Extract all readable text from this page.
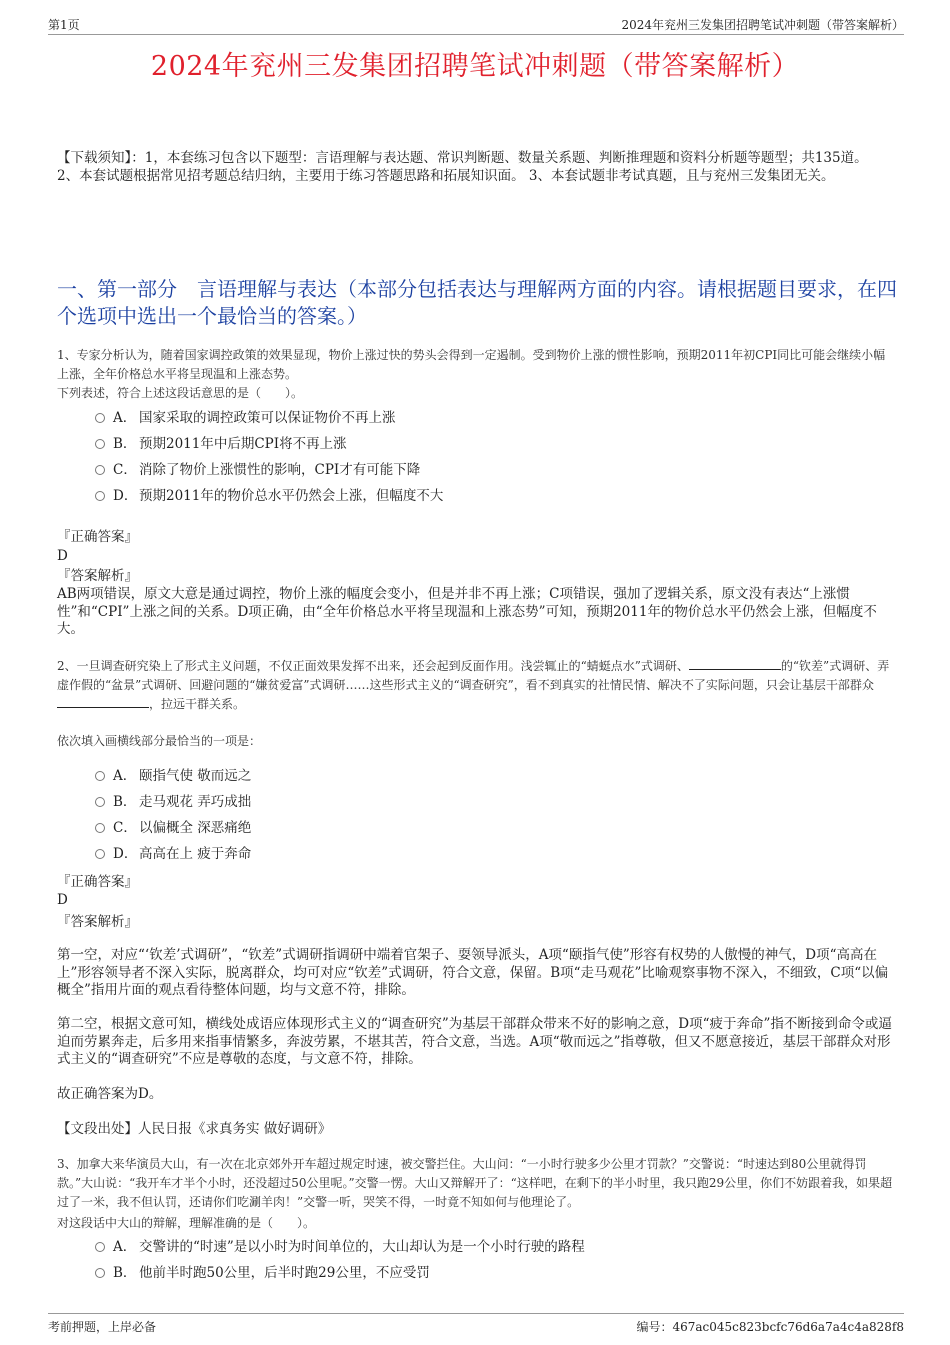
第1页	2024年兖州三发集团招聘笔试冲刺题（带答案解析）
2024年兖州三发集团招聘笔试冲刺题（带答案解析）
【下载须知】：1，本套练习包含以下题型：言语理解与表达题、常识判断题、数量关系题、判断推理题和资料分析题等题型；共135道。 2、本套试题根据常见招考题总结归纳，主要用于练习答题思路和拓展知识面。 3、本套试题非考试真题，且与兖州三发集团无关。
一、第一部分　言语理解与表达（本部分包括表达与理解两方面的内容。请根据题目要求，在四个选项中选出一个最恰当的答案。）
1、专家分析认为，随着国家调控政策的效果显现，物价上涨过快的势头会得到一定遏制。受到物价上涨的惯性影响，预期2011年初CPI同比可能会继续小幅上涨，全年价格总水平将呈现温和上涨态势。
下列表述，符合上述这段话意思的是（　　）。
A． 国家采取的调控政策可以保证物价不再上涨
B． 预期2011年中后期CPI将不再上涨
C． 消除了物价上涨惯性的影响，CPI才有可能下降
D． 预期2011年的物价总水平仍然会上涨，但幅度不大
『正确答案』
D
『答案解析』
AB两项错误，原文大意是通过调控，物价上涨的幅度会变小，但是并非不再上涨；C项错误，强加了逻辑关系，原文没有表达“上涨惯性”和“CPI”上涨之间的关系。D项正确，由“全年价格总水平将呈现温和上涨态势”可知，预期2011年的物价总水平仍然会上涨，但幅度不大。
2、一旦调查研究染上了形式主义问题，不仅正面效果发挥不出来，还会起到反面作用。浅尝辄止的“蜻蜓点水”式调研、	的“钦差”式调研、弄虚作假的“盆景”式调研、回避问题的“嫌贫爱富”式调研……这些形式主义的“调查研究”，看不到真实的社情民情、解决不了实际问题，只会让基层干部群众，拉远干群关系。
依次填入画横线部分最恰当的一项是：
A． 颐指气使 敬而远之
B． 走马观花 弄巧成拙
C． 以偏概全 深恶痛绝
D． 高高在上 疲于奔命
『正确答案』
D
『答案解析』
第一空，对应“‘钦差’式调研”，“钦差”式调研指调研中端着官架子、耍领导派头，A项“颐指气使”形容有权势的人傲慢的神气，D项“高高在上”形容领导者不深入实际，脱离群众，均可对应“钦差”式调研，符合文意，保留。B项“走马观花”比喻观察事物不深入，不细致，C项“以偏概全”指用片面的观点看待整体问题，均与文意不符，排除。
第二空，根据文意可知，横线处成语应体现形式主义的“调查研究”为基层干部群众带来不好的影响之意，D项“疲于奔命”指不断接到命令或逼迫而劳累奔走，后多用来指事情繁多，奔波劳累，不堪其苦，符合文意，当选。A项“敬而远之”指尊敬，但又不愿意接近，基层干部群众对形式主义的“调查研究”不应是尊敬的态度，与文意不符，排除。
故正确答案为D。
【文段出处】人民日报《求真务实 做好调研》
3、加拿大来华演员大山，有一次在北京郊外开车超过规定时速，被交警拦住。大山问：“一小时行驶多少公里才罚款？”交警说：“时速达到80公里就得罚款。”大山说：“我开车才半个小时，还没超过50公里呢。”交警一愣。大山又辩解开了：“这样吧，在剩下的半小时里，我只跑29公里，你们不妨跟着我，如果超过了一米，我不但认罚，还请你们吃涮羊肉！”交警一听，哭笑不得，一时竟不知如何与他理论了。
对这段话中大山的辩解，理解准确的是（　　）。
A． 交警讲的“时速”是以小时为时间单位的，大山却认为是一个小时行驶的路程
B． 他前半时跑50公里，后半时跑29公里，不应受罚
考前押题，上岸必备	编号：467ac045c823bcfc76d6a7a4c4a828f8
